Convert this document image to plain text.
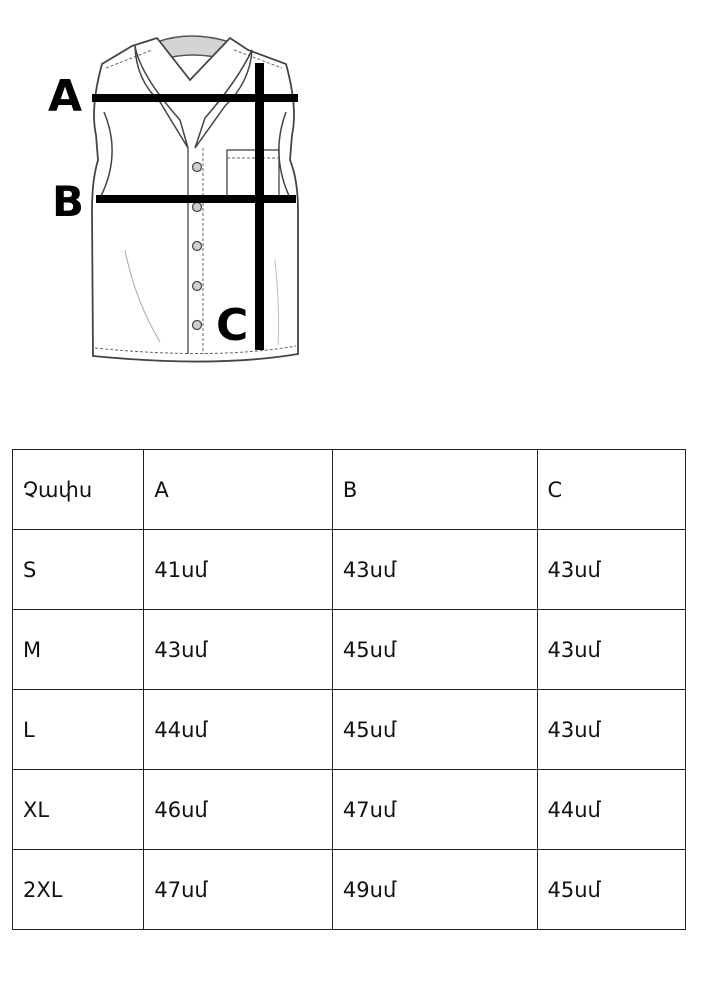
A
B
C
Չափս	A	B	C
S	41սմ	43սմ	43սմ
M	43սմ	45սմ	43սմ
L	44սմ	45սմ	43սմ
XL	46սմ	47սմ	44սմ
2XL	47սմ	49սմ	45սմ
